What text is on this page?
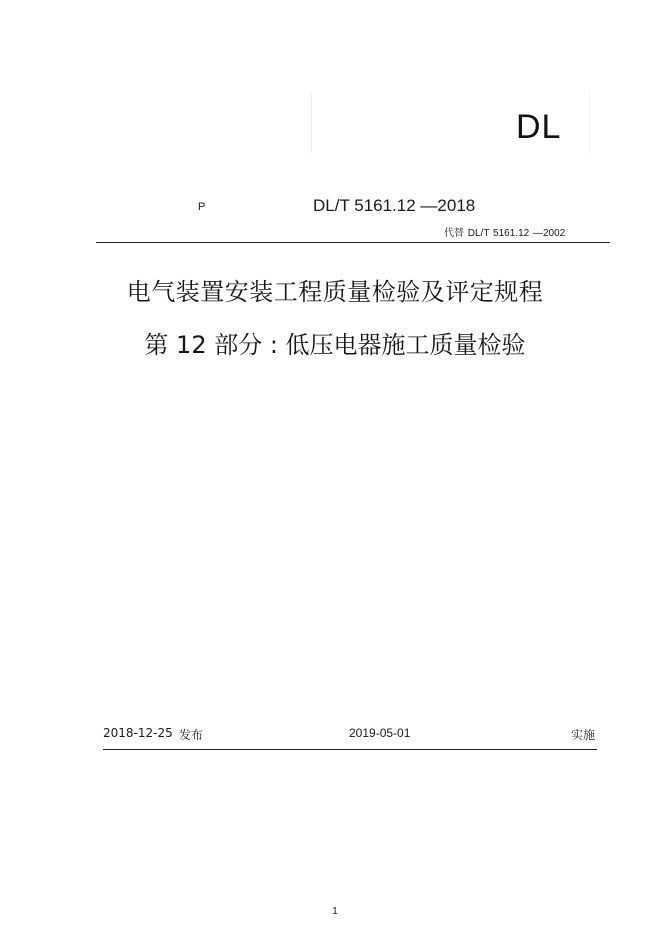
DL
P	DL/T 5161.12 —2018
代替 DL/T 5161.12 —2002
电气装置安装工程质量检验及评定规程
第 12 部分 : 低压电器施工质量检验
2018-12-25 发布	2019-05-01	实施
1
